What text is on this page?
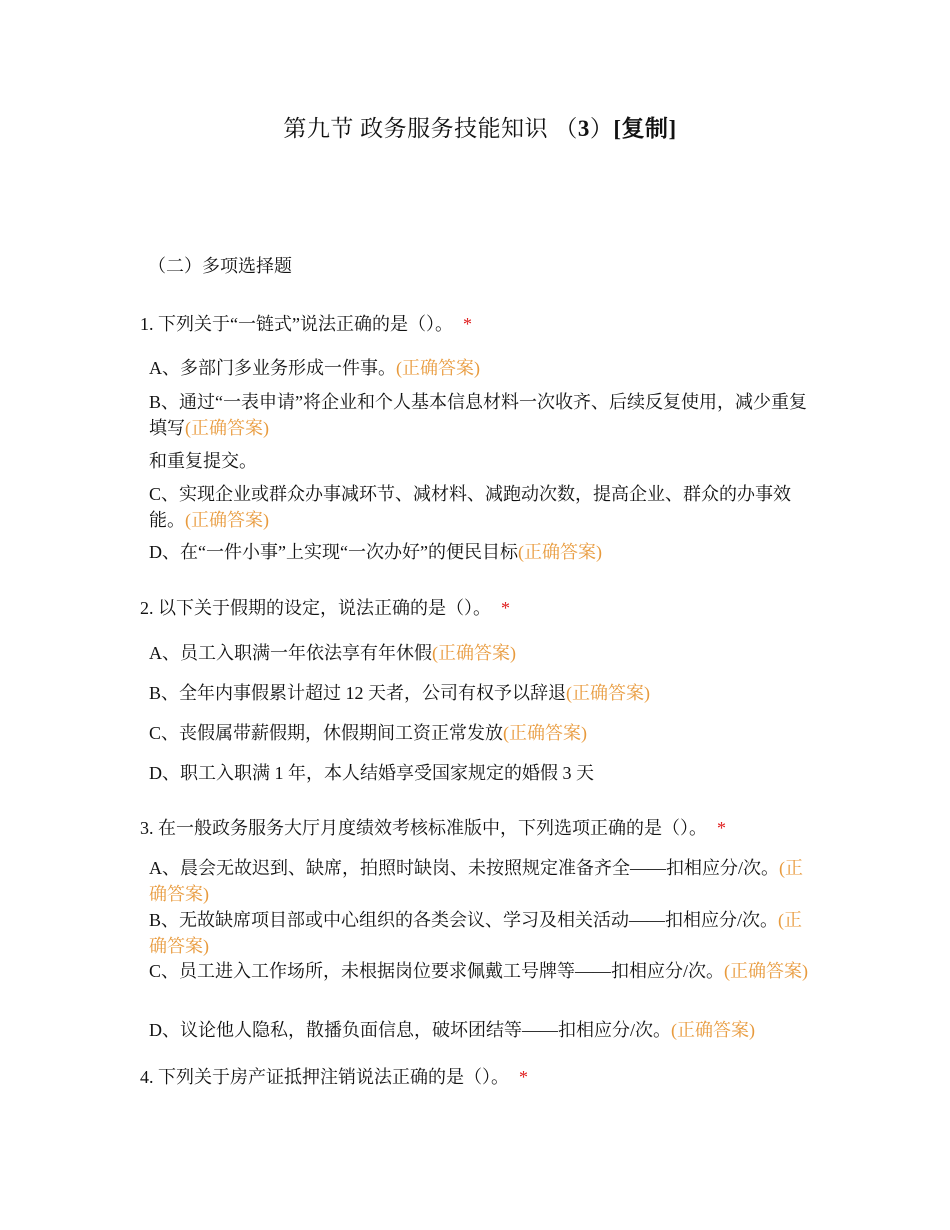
第九节 政务服务技能知识 （3）[复制]
（二）多项选择题

1. 下列关于“一链式”说法正确的是（）。 *

A、多部门多业务形成一件事。(正确答案)
B、通过“一表申请”将企业和个人基本信息材料一次收齐、后续反复使用，减少重复填写(正确答案)
和重复提交。
C、实现企业或群众办事减环节、减材料、减跑动次数，提高企业、群众的办事效能。(正确答案)
D、在“一件小事”上实现“一次办好”的便民目标(正确答案)

2. 以下关于假期的设定，说法正确的是（）。 *

A、员工入职满一年依法享有年休假(正确答案)
B、全年内事假累计超过 12 天者，公司有权予以辞退(正确答案)
C、丧假属带薪假期，休假期间工资正常发放(正确答案)
D、职工入职满 1 年，本人结婚享受国家规定的婚假 3 天

3. 在一般政务服务大厅月度绩效考核标准版中，下列选项正确的是（）。 *

A、晨会无故迟到、缺席，拍照时缺岗、未按照规定准备齐全——扣相应分/次。(正确答案)
B、无故缺席项目部或中心组织的各类会议、学习及相关活动——扣相应分/次。(正确答案)
C、员工进入工作场所，未根据岗位要求佩戴工号牌等——扣相应分/次。(正确答案)
D、议论他人隐私，散播负面信息，破坏团结等——扣相应分/次。(正确答案)

4. 下列关于房产证抵押注销说法正确的是（）。 *
